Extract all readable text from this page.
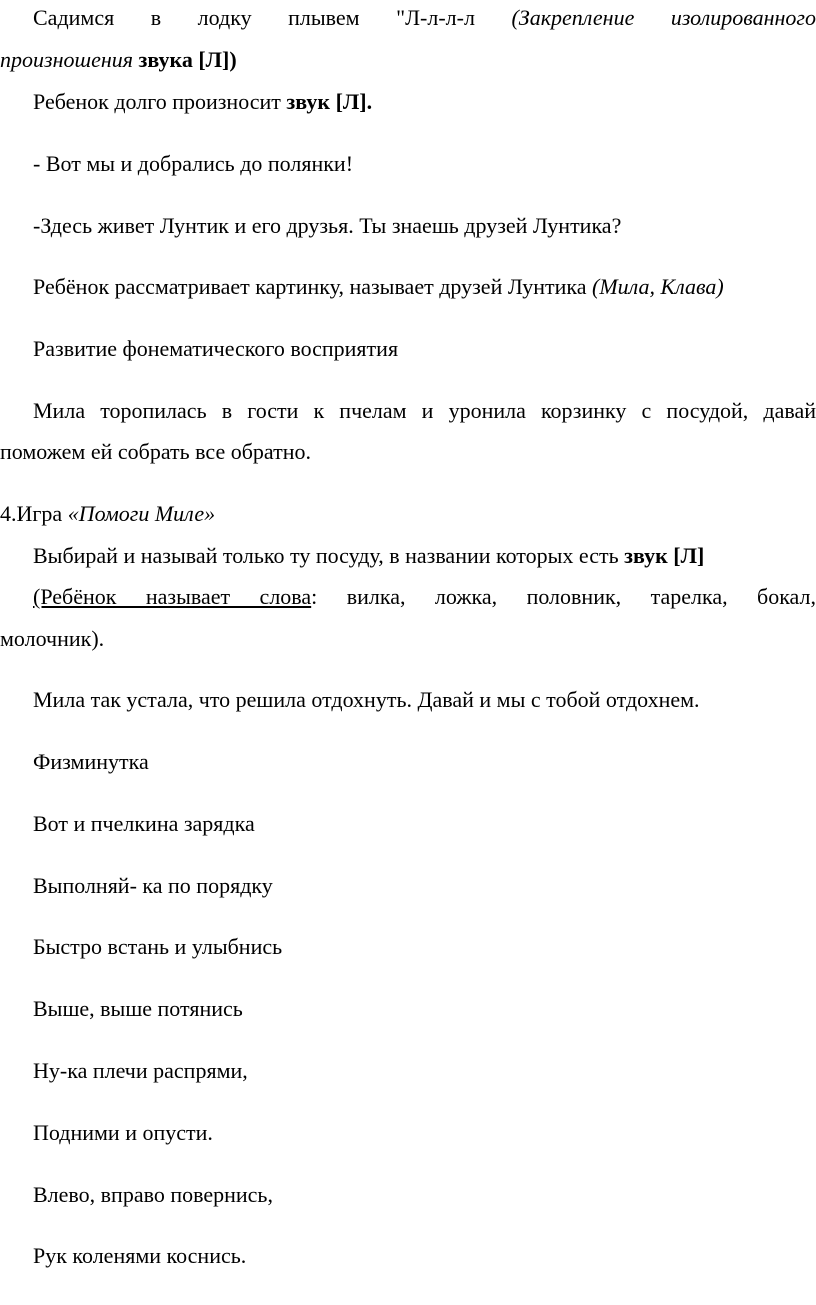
Садимся в лодку плывем "Л-л-л-л (Закрепление изолированного
произношения звука [Л])
Ребенок долго произносит звук [Л].
- Вот мы и добрались до полянки!
-Здесь живет Лунтик и его друзья. Ты знаешь друзей Лунтика?
Ребёнок рассматривает картинку, называет друзей Лунтика (Мила, Клава)
Развитие фонематического восприятия
Мила торопилась в гости к пчелам и уронила корзинку с посудой, давай
поможем ей собрать все обратно.
4.Игра «Помоги Миле»
Выбирай и называй только ту посуду, в названии которых есть звук [Л]
(Ребёнок называет слова: вилка, ложка, половник, тарелка, бокал,
молочник).
Мила так устала, что решила отдохнуть. Давай и мы с тобой отдохнем.
Физминутка
Вот и пчелкина зарядка
Выполняй- ка по порядку
Быстро встань и улыбнись
Выше, выше потянись
Ну-ка плечи распрями,
Подними и опусти.
Влево, вправо повернись,
Рук коленями коснись.
